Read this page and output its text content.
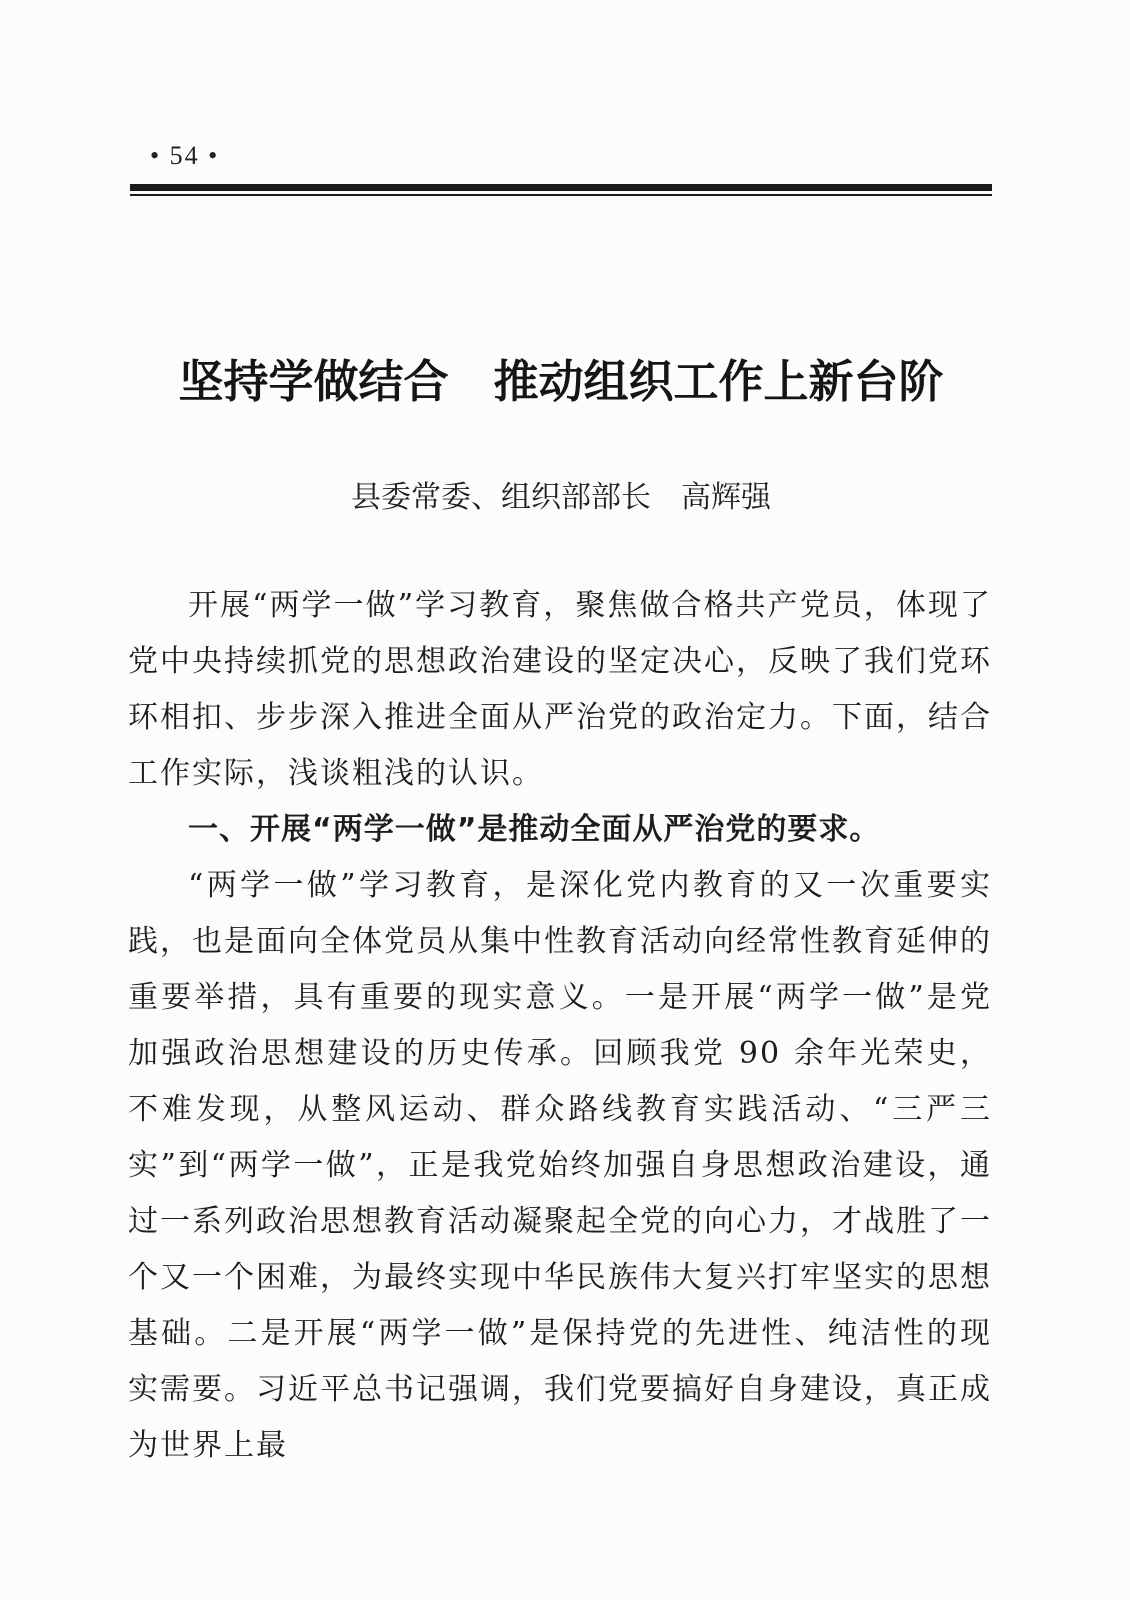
• 54 •
坚持学做结合　推动组织工作上新台阶
县委常委、组织部部长　高辉强

开展“两学一做”学习教育，聚焦做合格共产党员，体现了党中央持续抓党的思想政治建设的坚定决心，反映了我们党环环相扣、步步深入推进全面从严治党的政治定力。下面，结合工作实际，浅谈粗浅的认识。

一、开展“两学一做”是推动全面从严治党的要求。

“两学一做”学习教育，是深化党内教育的又一次重要实践，也是面向全体党员从集中性教育活动向经常性教育延伸的重要举措，具有重要的现实意义。一是开展“两学一做”是党加强政治思想建设的历史传承。回顾我党 90 余年光荣史，不难发现，从整风运动、群众路线教育实践活动、“三严三实”到“两学一做”，正是我党始终加强自身思想政治建设，通过一系列政治思想教育活动凝聚起全党的向心力，才战胜了一个又一个困难，为最终实现中华民族伟大复兴打牢坚实的思想基础。二是开展“两学一做”是保持党的先进性、纯洁性的现实需要。习近平总书记强调，我们党要搞好自身建设，真正成为世界上最
